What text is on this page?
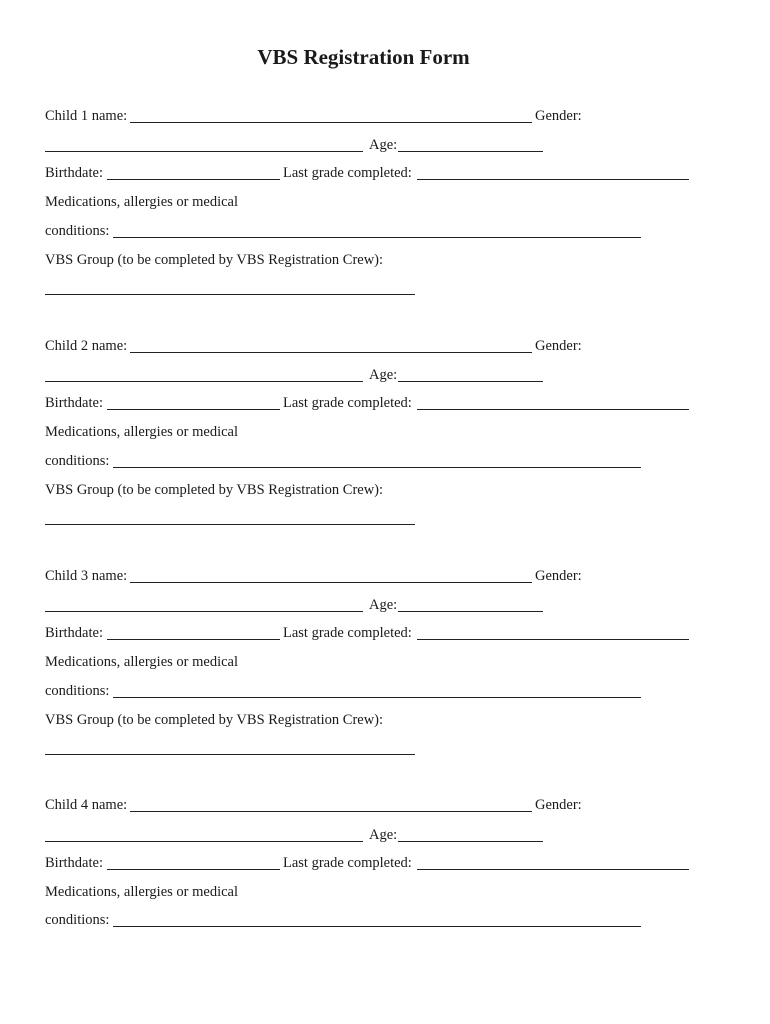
VBS Registration Form
Child 1 name:	Gender:
Age:
Birthdate:	Last grade completed:
Medications, allergies or medical
conditions:
VBS Group (to be completed by VBS Registration Crew):
Child 2 name:	Gender:
Age:
Birthdate:	Last grade completed:
Medications, allergies or medical
conditions:
VBS Group (to be completed by VBS Registration Crew):
Child 3 name:	Gender:
Age:
Birthdate:	Last grade completed:
Medications, allergies or medical
conditions:
VBS Group (to be completed by VBS Registration Crew):
Child 4 name:	Gender:
Age:
Birthdate:	Last grade completed:
Medications, allergies or medical
conditions:
